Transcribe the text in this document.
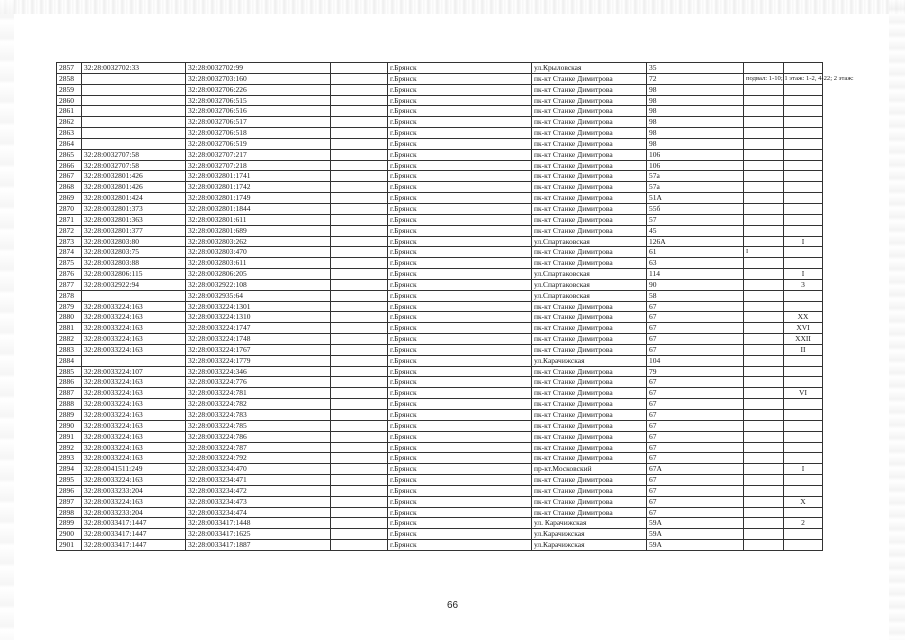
2857	32:28:0032702:33	32:28:0032702:99		г.Брянск	ул.Крыловская	35		
2858		32:28:0032703:160		г.Брянск	пк-кт Станке Димитрова	72	подвал: 1-10; 1 этаж: 1-2, 4-22; 2 этаж:	
2859		32:28:0032706:226		г.Брянск	пк-кт Станке Димитрова	98		
2860		32:28:0032706:515		г.Брянск	пк-кт Станке Димитрова	98		
2861		32:28:0032706:516		г.Брянск	пк-кт Станке Димитрова	98		
2862		32:28:0032706:517		г.Брянск	пк-кт Станке Димитрова	98		
2863		32:28:0032706:518		г.Брянск	пк-кт Станке Димитрова	98		
2864		32:28:0032706:519		г.Брянск	пк-кт Станке Димитрова	98		
2865	32:28:0032707:58	32:28:0032707:217		г.Брянск	пк-кт Станке Димитрова	106		
2866	32:28:0032707:58	32:28:0032707:218		г.Брянск	пк-кт Станке Димитрова	106		
2867	32:28:0032801:426	32:28:0032801:1741		г.Брянск	пк-кт Станке Димитрова	57а		
2868	32:28:0032801:426	32:28:0032801:1742		г.Брянск	пк-кт Станке Димитрова	57а		
2869	32:28:0032801:424	32:28:0032801:1749		г.Брянск	пк-кт Станке Димитрова	51А		
2870	32:28:0032801:373	32:28:0032801:1844		г.Брянск	пк-кт Станке Димитрова	55б		
2871	32:28:0032801:363	32:28:0032801:611		г.Брянск	пк-кт Станке Димитрова	57		
2872	32:28:0032801:377	32:28:0032801:689		г.Брянск	пк-кт Станке Димитрова	45		
2873	32:28:0032803:80	32:28:0032803:262		г.Брянск	ул.Спартаковская	126А		I
2874	32:28:0032803:75	32:28:0032803:470		г.Брянск	пк-кт Станке Димитрова	61	I	
2875	32:28:0032803:88	32:28:0032803:611		г.Брянск	пк-кт Станке Димитрова	63		
2876	32:28:0032806:115	32:28:0032806:205		г.Брянск	ул.Спартаковская	114		I
2877	32:28:0032922:94	32:28:0032922:108		г.Брянск	ул.Спартаковская	90		3
2878		32:28:0032935:64		г.Брянск	ул.Спартаковская	58		
2879	32:28:0033224:163	32:28:0033224:1301		г.Брянск	пк-кт Станке Димитрова	67		
2880	32:28:0033224:163	32:28:0033224:1310		г.Брянск	пк-кт Станке Димитрова	67		XX
2881	32:28:0033224:163	32:28:0033224:1747		г.Брянск	пк-кт Станке Димитрова	67		XVI
2882	32:28:0033224:163	32:28:0033224:1748		г.Брянск	пк-кт Станке Димитрова	67		XXII
2883	32:28:0033224:163	32:28:0033224:1767		г.Брянск	пк-кт Станке Димитрова	67		II
2884		32:28:0033224:1779		г.Брянск	ул.Карачижская	104		
2885	32:28:0033224:107	32:28:0033224:346		г.Брянск	пк-кт Станке Димитрова	79		
2886	32:28:0033224:163	32:28:0033224:776		г.Брянск	пк-кт Станке Димитрова	67		
2887	32:28:0033224:163	32:28:0033224:781		г.Брянск	пк-кт Станке Димитрова	67		VI
2888	32:28:0033224:163	32:28:0033224:782		г.Брянск	пк-кт Станке Димитрова	67		
2889	32:28:0033224:163	32:28:0033224:783		г.Брянск	пк-кт Станке Димитрова	67		
2890	32:28:0033224:163	32:28:0033224:785		г.Брянск	пк-кт Станке Димитрова	67		
2891	32:28:0033224:163	32:28:0033224:786		г.Брянск	пк-кт Станке Димитрова	67		
2892	32:28:0033224:163	32:28:0033224:787		г.Брянск	пк-кт Станке Димитрова	67		
2893	32:28:0033224:163	32:28:0033224:792		г.Брянск	пк-кт Станке Димитрова	67		
2894	32:28:0041511:249	32:28:0033234:470		г.Брянск	пр-кт.Московский	67А		I
2895	32:28:0033224:163	32:28:0033234:471		г.Брянск	пк-кт Станке Димитрова	67		
2896	32:28:0033233:204	32:28:0033234:472		г.Брянск	пк-кт Станке Димитрова	67		
2897	32:28:0033224:163	32:28:0033234:473		г.Брянск	пк-кт Станке Димитрова	67		X
2898	32:28:0033233:204	32:28:0033234:474		г.Брянск	пк-кт Станке Димитрова	67		
2899	32:28:0033417:1447	32:28:0033417:1448		г.Брянск	ул. Карачижская	59А		2
2900	32:28:0033417:1447	32:28:0033417:1625		г.Брянск	ул.Карачижская	59А		
2901	32:28:0033417:1447	32:28:0033417:1887		г.Брянск	ул.Карачижская	59А		
66
